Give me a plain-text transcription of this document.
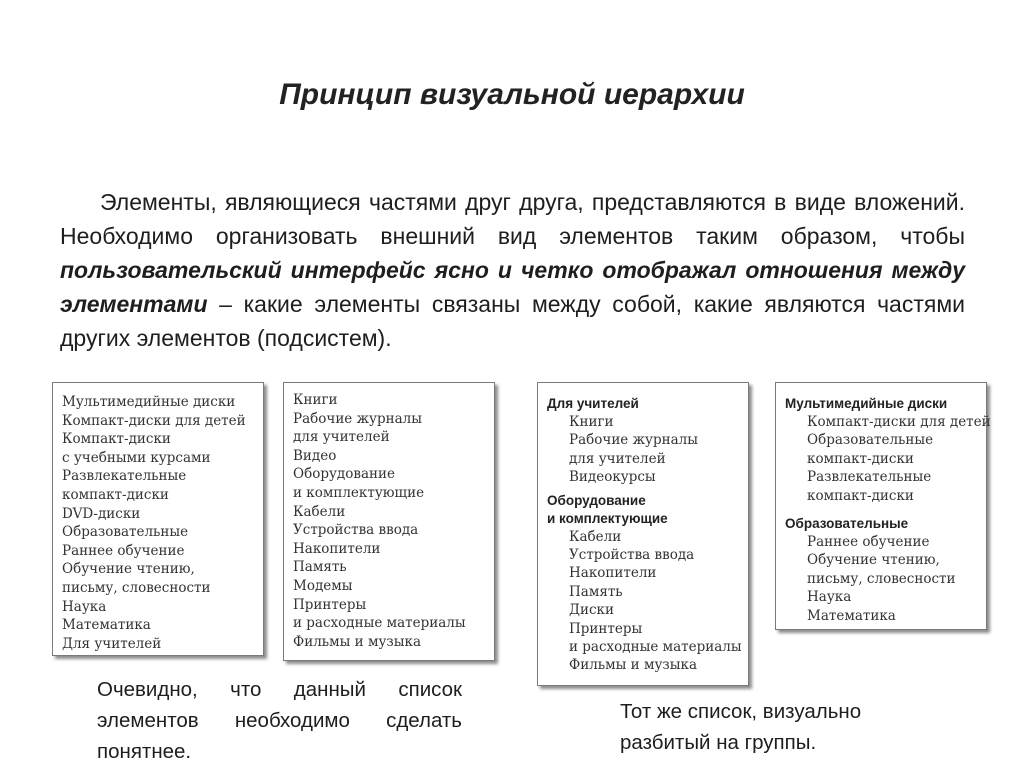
Принцип визуальной иерархии
Элементы, являющиеся частями друг друга, представляются в виде вложений. Необходимо организовать внешний вид элементов таким образом, чтобы пользовательский интерфейс ясно и четко отображал отношения между элементами – какие элементы связаны между собой, какие являются частями других элементов (подсистем).
Мультимедийные диски
Компакт-диски для детей
Компакт-диски
с учебными курсами
Развлекательные
компакт-диски
DVD-диски
Образовательные
Раннее обучение
Обучение чтению,
письму, словесности
Наука
Математика
Для учителей
Книги
Рабочие журналы
для учителей
Видео
Оборудование
и комплектующие
Кабели
Устройства ввода
Накопители
Память
Модемы
Принтеры
и расходные материалы
Фильмы и музыка
Для учителей
Книги
Рабочие журналы
для учителей
Видеокурсы
Оборудование
и комплектующие
Кабели
Устройства ввода
Накопители
Память
Диски
Принтеры
и расходные материалы
Фильмы и музыка
Мультимедийные диски
Компакт-диски для детей
Образовательные
компакт-диски
Развлекательные
компакт-диски
Образовательные
Раннее обучение
Обучение чтению,
письму, словесности
Наука
Математика
Очевидно, что данный список элементов необходимо сделать понятнее.
Тот же список, визуально разбитый на группы.
